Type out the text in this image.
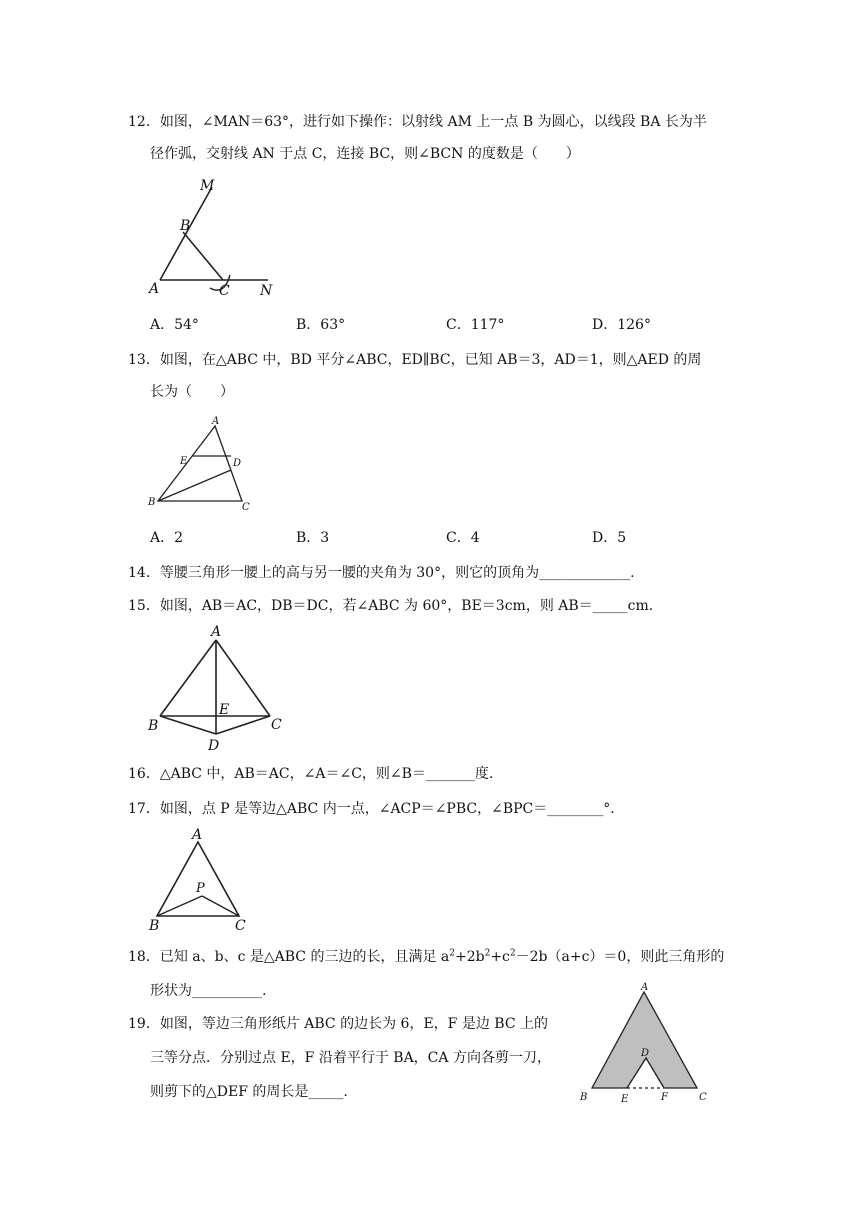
12．如图，∠MAN＝63°，进行如下操作：以射线 AM 上一点 B 为圆心，以线段 BA 长为半
径作弧，交射线 AN 于点 C，连接 BC，则∠BCN 的度数是（　　）
M
B
A	C N
A．54°	B．63°	C．117°	D．126°
13．如图，在△ABC 中，BD 平分∠ABC，ED∥BC，已知 AB＝3，AD＝1，则△AED 的周
长为（　　）
A
E	D
B	C
A．2	B．3	C．4	D．5
14．等腰三角形一腰上的高与另一腰的夹角为 30°，则它的顶角为_____________.
15．如图，AB＝AC，DB＝DC，若∠ABC 为 60°，BE＝3cm，则 AB＝_____cm.
A
B
E
C
D
16．△ABC 中，AB＝AC，∠A＝∠C，则∠B＝_______度.
17．如图，点 P 是等边△ABC 内一点，∠ACP＝∠PBC，∠BPC＝________°.
A
P
B	C
18．已知 a、b、c 是△ABC 的三边的长，且满足 $a^2+2b^2+c^2-2b(a+c)=0$，则此三角形的
形状为__________.
19．如图，等边三角形纸片 ABC 的边长为 6，E，F 是边 BC 上的
三等分点．分别过点 E，F 沿着平行于 BA，CA 方向各剪一刀，
则剪下的△DEF 的周长是_____.
A
D
B	E	F	C
